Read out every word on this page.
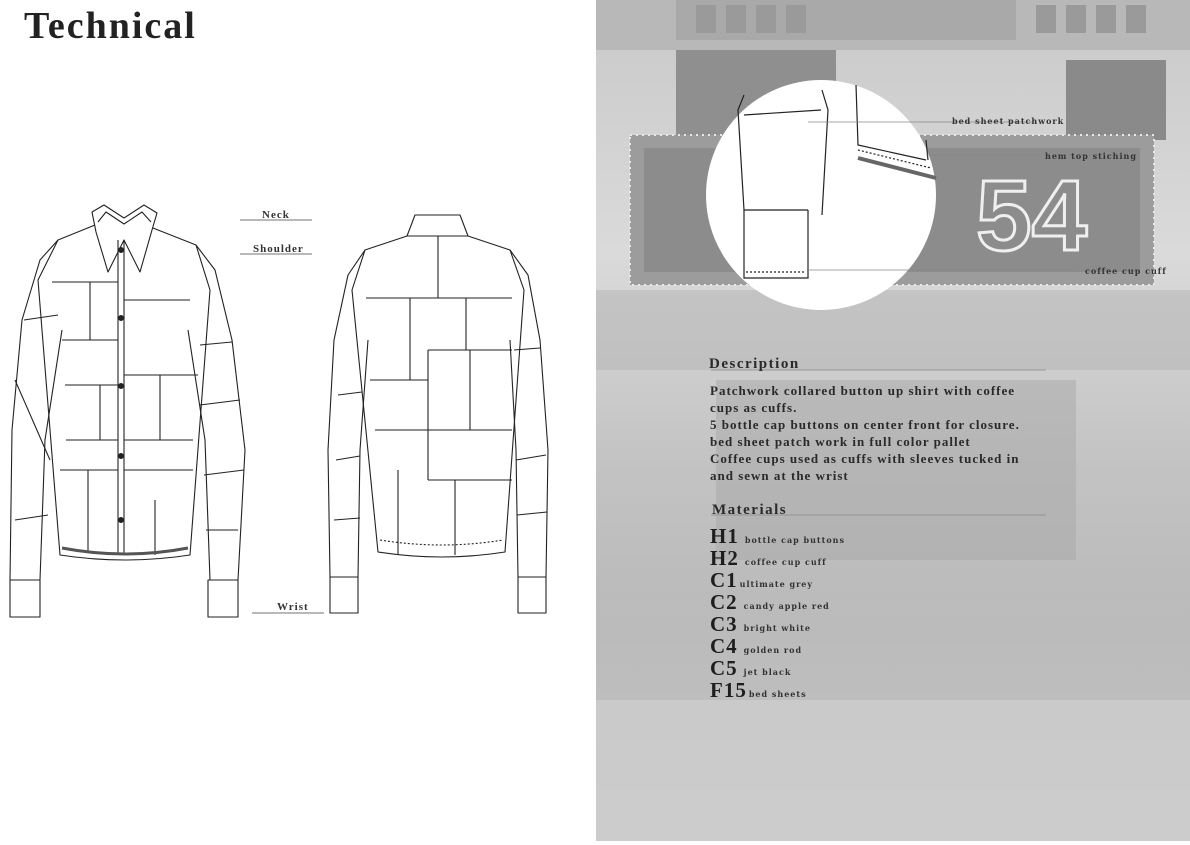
Technical
Neck
Shoulder
Wrist
54
bed sheet patchwork
hem top stiching
coffee cup cuff
Description
Patchwork collared button up shirt with coffee
cups as cuffs.
5 bottle cap buttons on center front for closure.
bed sheet patch work in full color pallet
Coffee cups used as cuffs with sleeves tucked in
and sewn at the wrist
Materials
H1 bottle cap buttons
H2 coffee cup cuff
C1 ultimate grey
C2 candy apple red
C3 bright white
C4 golden rod
C5 jet black
F15 bed sheets
